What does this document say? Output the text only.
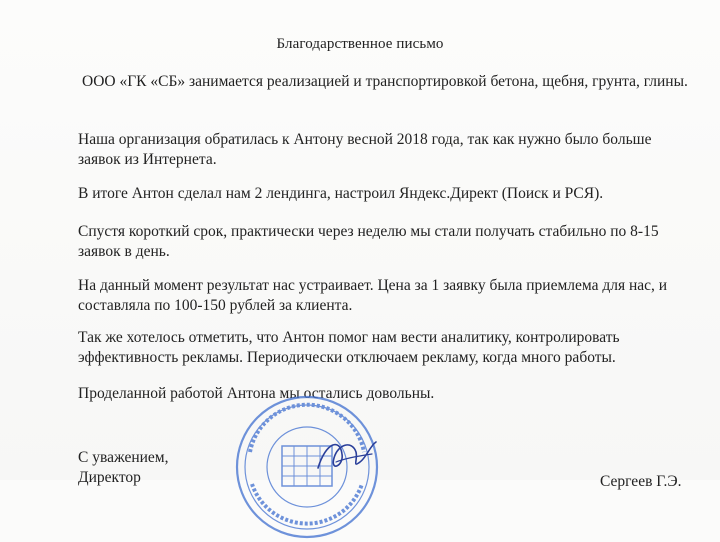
Благодарственное письмо

ООО «ГК «СБ» занимается реализацией и транспортировкой бетона, щебня, грунта, глины.

Наша организация обратилась к Антону весной 2018 года, так как нужно было больше заявок из Интернета.

В итоге Антон сделал нам 2 лендинга, настроил Яндекс.Директ (Поиск и РСЯ).

Спустя короткий срок, практически через неделю мы стали получать стабильно по 8-15 заявок в день.

На данный момент результат нас устраивает. Цена за 1 заявку была приемлема для нас, и составляла по 100-150 рублей за клиента.

Так же хотелось отметить, что Антон помог нам вести аналитику, контролировать эффективность рекламы. Периодически отключаем рекламу, когда много работы.

Проделанной работой Антона мы остались довольны.

С уважением,
Директор	Сергеев Г.Э.
